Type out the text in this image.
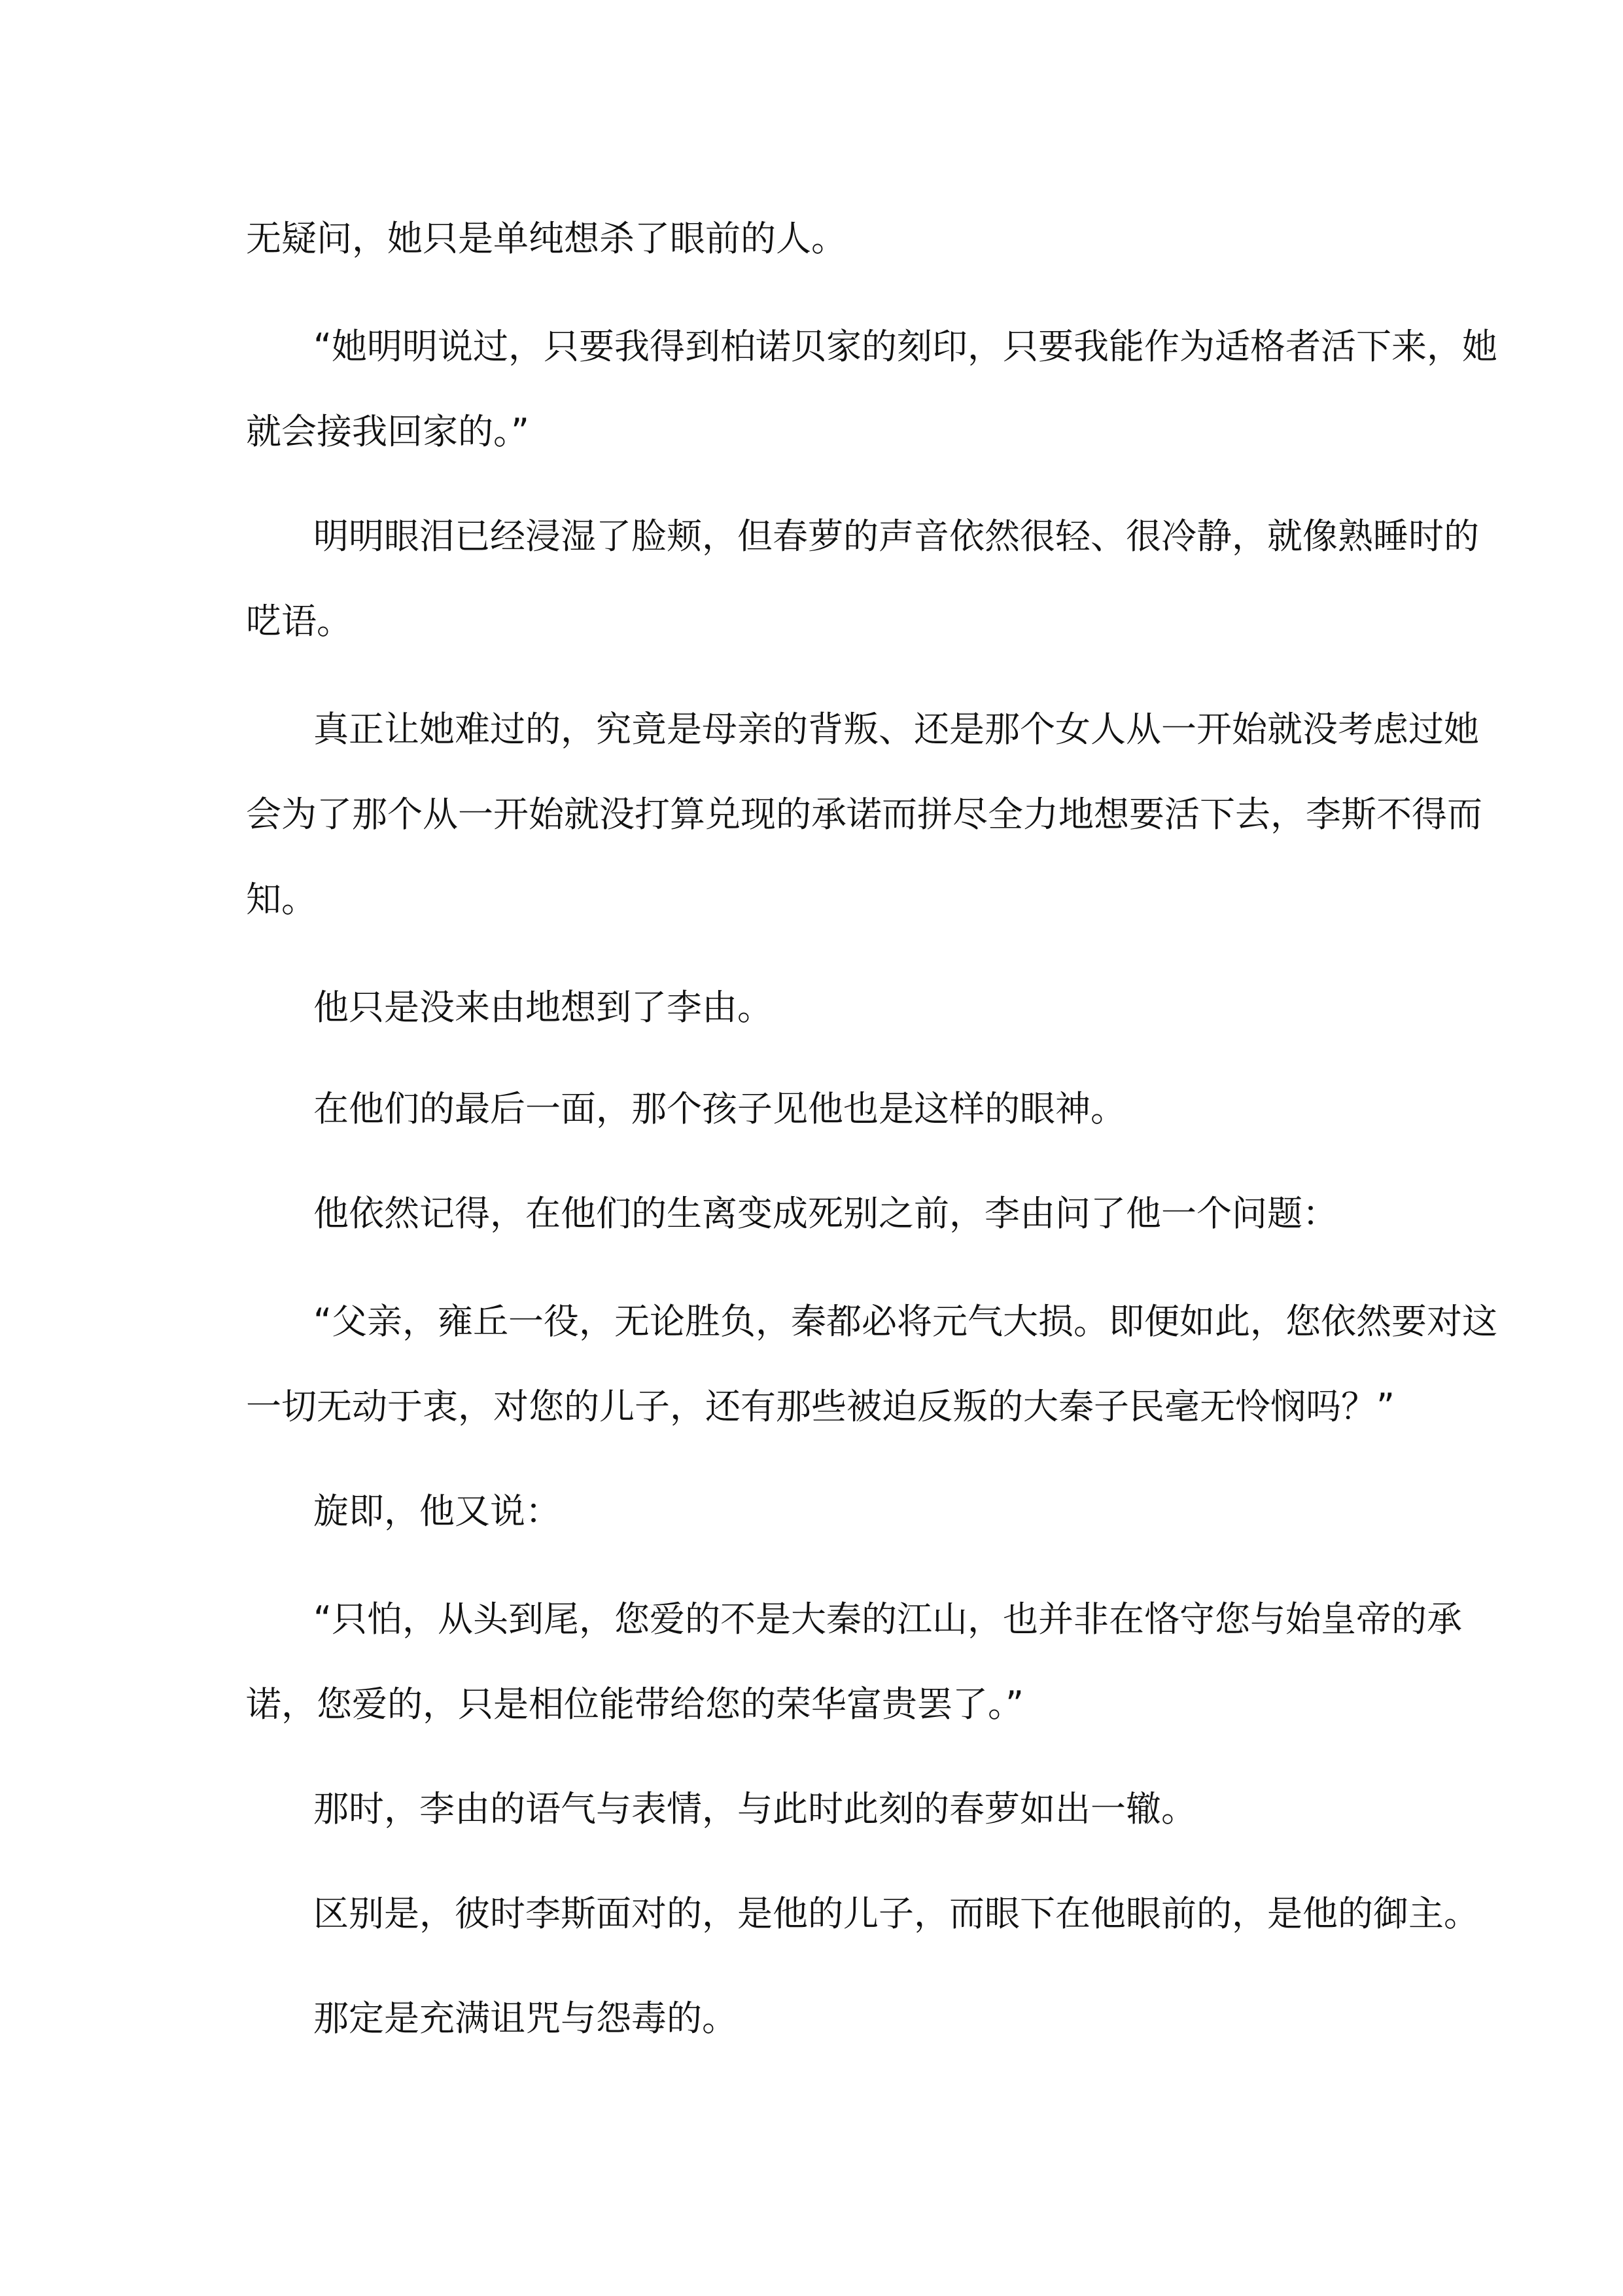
无疑问，她只是单纯想杀了眼前的人。

“她明明说过，只要我得到柏诺贝家的刻印，只要我能作为适格者活下来，她

就会接我回家的。”

明明眼泪已经浸湿了脸颊，但春萝的声音依然很轻、很冷静，就像熟睡时的

呓语。

真正让她难过的，究竟是母亲的背叛、还是那个女人从一开始就没考虑过她

会为了那个从一开始就没打算兑现的承诺而拼尽全力地想要活下去，李斯不得而

知。

他只是没来由地想到了李由。

在他们的最后一面，那个孩子见他也是这样的眼神。

他依然记得，在他们的生离变成死别之前，李由问了他一个问题：

“父亲，雍丘一役，无论胜负，秦都必将元气大损。即便如此，您依然要对这

一切无动于衷，对您的儿子，还有那些被迫反叛的大秦子民毫无怜悯吗？”

旋即，他又说：

“只怕，从头到尾，您爱的不是大秦的江山，也并非在恪守您与始皇帝的承

诺，您爱的，只是相位能带给您的荣华富贵罢了。”

那时，李由的语气与表情，与此时此刻的春萝如出一辙。

区别是，彼时李斯面对的，是他的儿子，而眼下在他眼前的，是他的御主。

那定是充满诅咒与怨毒的。
